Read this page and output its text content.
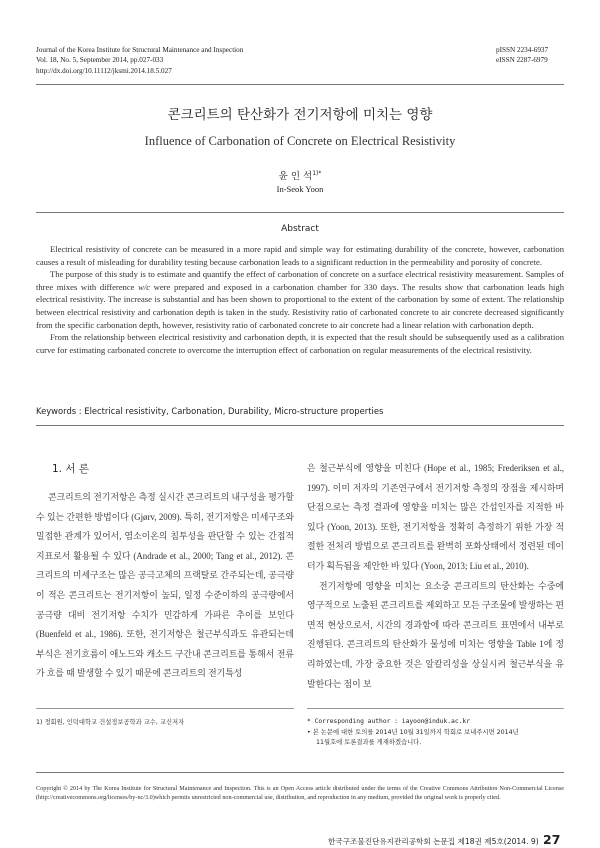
Journal of the Korea Institute for Structural Maintenance and Inspection
Vol. 18, No. 5, September 2014, pp.027-033
http://dx.doi.org/10.11112/jksmi.2014.18.5.027
pISSN 2234-6937
eISSN 2287-6979
콘크리트의 탄산화가 전기저항에 미치는 영향
Influence of Carbonation of Concrete on Electrical Resistivity
윤 인 석$^{1)*}$
In-Seok Yoon
Abstract

Electrical resistivity of concrete can be measured in a more rapid and simple way for estimating durability of the concrete, however, carbonation causes a result of misleading for durability testing because carbonation leads to a significant reduction in the permeability and porosity of concrete.

The purpose of this study is to estimate and quantify the effect of carbonation of concrete on a surface electrical resistivity measurement. Samples of three mixes with difference w/c were prepared and exposed in a carbonation chamber for 330 days. The results show that carbonation leads high electrical resistivity. The increase is substantial and has been shown to proportional to the extent of the carbonation by some of extent. The relationship between electrical resistivity and carbonation depth is taken in the study. Resistivity ratio of carbonated concrete to air concrete decreased significantly from the specific carbonation depth, however, resistivity ratio of carbonated concrete to air concrete had a linear relation with carbonation depth.

From the relationship between electrical resistivity and carbonation depth, it is expected that the result should be subsequently used as a calibration curve for estimating carbonated concrete to overcome the interruption effect of carbonation on regular measurements of the electrical resistivity.

Keywords : Electrical resistivity, Carbonation, Durability, Micro-structure properties
1. 서 론

콘크리트의 전기저항은 측정 실시간 콘크리트의 내구성을 평가할 수 있는 간편한 방법이다 (Gjørv, 2009). 특히, 전기저항은 미세구조와 밀접한 관계가 있어서, 염소이온의 침투성을 판단할 수 있는 간접적 지표로서 활용될 수 있다 (Andrade et al., 2000; Tang et al., 2012). 콘크리트의 미세구조는 많은 공극고체의 프랙탈로 간주되는데, 공극량이 적은 콘크리트는 전기저항이 높되, 일정 수준이하의 공극량에서 공극량 대비 전기저항 수치가 민감하게 가파른 추이를 보인다 (Buenfeld et al., 1986). 또한, 전기저항은 철근부식과도 유관되는데 부식은 전기흐름이 애노드와 캐소드 구간내 콘크리트를 통해서 전류가 흐를 때 발생할 수 있기 때문에 콘크리트의 전기특성

은 철근부식에 영향을 미친다 (Hope et al., 1985; Frederiksen et al., 1997). 이미 저자의 기존연구에서 전기저항 측정의 장점을 제시하며 단점으로는 측정 결과에 영향을 미치는 많은 간섭인자를 지적한 바 있다 (Yoon, 2013). 또한, 전기저항을 정확히 측정하기 위한 가장 적절한 전처리 방법으로 콘크리트를 완벽히 포화상태에서 정련된 데이터가 획득됨을 제안한 바 있다 (Yoon, 2013; Liu et al., 2010).

전기저항에 영향을 미치는 요소중 콘크리트의 탄산화는 수중에 영구적으로 노출된 콘크리트를 제외하고 모든 구조물에 발생하는 편면적 현상으로서, 시간의 경과함에 따라 콘크리트 표면에서 내부로 진행된다. 콘크리트의 탄산화가 물성에 미치는 영향을 Table 1에 정리하였는데, 가장 중요한 것은 알칼리성을 상실시켜 철근부식을 유발한다는 점이 보

1) 정회원, 인덕대학교 건설정보공학과 교수, 교신저자	* Corresponding author : iayoon@induk.ac.kr
• 본 논문에 대한 토의를 2014년 10월 31일까지 학회로 보내주시면 2014년
11월호에 토론결과를 게재하겠습니다.
Copyright © 2014 by The Korea Institute for Structural Maintenance and Inspection. This is an Open Access article distributed under the terms of the Creative Commons Attribution Non-Commercial License (http://creativecommons.org/licenses/by-nc/3.0)which permits unrestricted non-commercial use, distribution, and reproduction in any medium, provided the original work is properly cited.
한국구조물진단유지관리공학회 논문집 제18권 제5호(2014. 9) 27
